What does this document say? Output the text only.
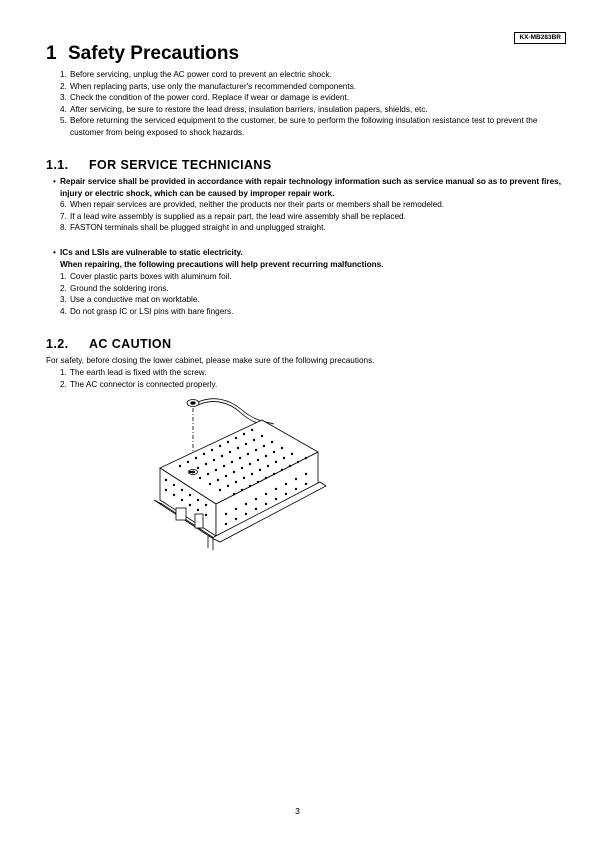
KX-MB283BR
1 Safety Precautions
1. Before servicing, unplug the AC power cord to prevent an electric shock.
2. When replacing parts, use only the manufacturer's recommended components.
3. Check the condition of the power cord. Replace if wear or damage is evident.
4. After servicing, be sure to restore the lead dress, insulation barriers, insulation papers, shields, etc.
5. Before returning the serviced equipment to the customer, be sure to perform the following insulation resistance test to prevent the customer from being exposed to shock hazards.
1.1. FOR SERVICE TECHNICIANS
• Repair service shall be provided in accordance with repair technology information such as service manual so as to prevent fires, injury or electric shock, which can be caused by improper repair work.
6. When repair services are provided, neither the products nor their parts or members shall be remodeled.
7. If a lead wire assembly is supplied as a repair part, the lead wire assembly shall be replaced.
8. FASTON terminals shall be plugged straight in and unplugged straight.
• ICs and LSIs are vulnerable to static electricity.
When repairing, the following precautions will help prevent recurring malfunctions.
1. Cover plastic parts boxes with aluminum foil.
2. Ground the soldering irons.
3. Use a conductive mat on worktable.
4. Do not grasp IC or LSI pins with bare fingers.
1.2. AC CAUTION
For safety, before closing the lower cabinet, please make sure of the following precautions.
1. The earth lead is fixed with the screw.
2. The AC connector is connected properly.
3
